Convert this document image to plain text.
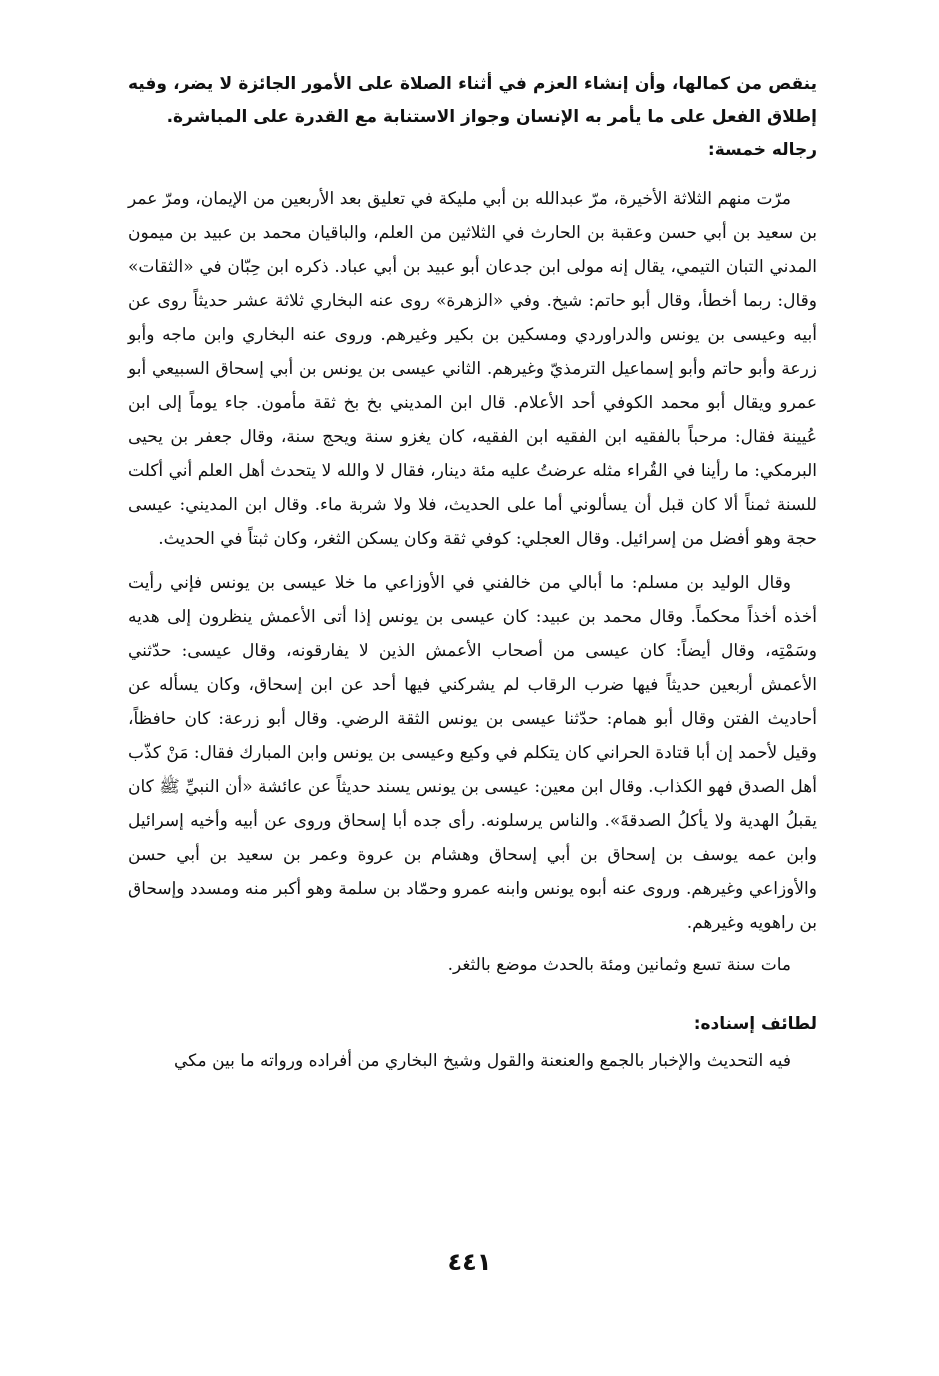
ينقص من كمالها، وأن إنشاء العزم في أثناء الصلاة على الأمور الجائزة لا يضر، وفيه إطلاق الفعل على ما يأمر به الإنسان وجواز الاستنابة مع القدرة على المباشرة.

رجاله خمسة:

مرّت منهم الثلاثة الأخيرة، مرّ عبدالله بن أبي مليكة في تعليق بعد الأربعين من الإيمان، ومرّ عمر بن سعيد بن أبي حسن وعقبة بن الحارث في الثلاثين من العلم، والباقيان محمد بن عبيد بن ميمون المدني التبان التيمي، يقال إنه مولى ابن جدعان أبو عبيد بن أبي عباد. ذكره ابن حِبّان في «الثقات» وقال: ربما أخطأ، وقال أبو حاتم: شيخ. وفي «الزهرة» روى عنه البخاري ثلاثة عشر حديثاً روى عن أبيه وعيسى بن يونس والدراوردي ومسكين بن بكير وغيرهم. وروى عنه البخاري وابن ماجه وأبو زرعة وأبو حاتم وأبو إسماعيل الترمذيّ وغيرهم. الثاني عيسى بن يونس بن أبي إسحاق السبيعي أبو عمرو ويقال أبو محمد الكوفي أحد الأعلام. قال ابن المديني بخ بخ ثقة مأمون. جاء يوماً إلى ابن عُيينة فقال: مرحباً بالفقيه ابن الفقيه ابن الفقيه، كان يغزو سنة ويحج سنة، وقال جعفر بن يحيى البرمكي: ما رأينا في القُراء مثله عرضتُ عليه مئة دينار، فقال لا والله لا يتحدث أهل العلم أني أكلت للسنة ثمناً ألا كان قبل أن يسألوني أما على الحديث، فلا ولا شربة ماء. وقال ابن المديني: عيسى حجة وهو أفضل من إسرائيل. وقال العجلي: كوفي ثقة وكان يسكن الثغر، وكان ثبتاً في الحديث.

وقال الوليد بن مسلم: ما أبالي من خالفني في الأوزاعي ما خلا عيسى بن يونس فإني رأيت أخذه أخذاً محكماً. وقال محمد بن عبيد: كان عيسى بن يونس إذا أتى الأعمش ينظرون إلى هديه وسَمْتِه، وقال أيضاً: كان عيسى من أصحاب الأعمش الذين لا يفارقونه، وقال عيسى: حدّثني الأعمش أربعين حديثاً فيها ضرب الرقاب لم يشركني فيها أحد عن ابن إسحاق، وكان يسأله عن أحاديث الفتن وقال أبو همام: حدّثنا عيسى بن يونس الثقة الرضي. وقال أبو زرعة: كان حافظاً، وقيل لأحمد إن أبا قتادة الحراني كان يتكلم في وكيع وعيسى بن يونس وابن المبارك فقال: مَنْ كذّب أهل الصدق فهو الكذاب. وقال ابن معين: عيسى بن يونس يسند حديثاً عن عائشة «أن النبيِّ ﷺ كان يقبلُ الهدية ولا يأكلُ الصدقةَ». والناس يرسلونه. رأى جده أبا إسحاق وروى عن أبيه وأخيه إسرائيل وابن عمه يوسف بن إسحاق بن أبي إسحاق وهشام بن عروة وعمر بن سعيد بن أبي حسن والأوزاعي وغيرهم. وروى عنه أبوه يونس وابنه عمرو وحمّاد بن سلمة وهو أكبر منه ومسدد وإسحاق بن راهويه وغيرهم.

مات سنة تسع وثمانين ومئة بالحدث موضع بالثغر.

لطائف إسناده:

فيه التحديث والإخبار بالجمع والعنعنة والقول وشيخ البخاري من أفراده ورواته ما بين مكي

٤٤١
